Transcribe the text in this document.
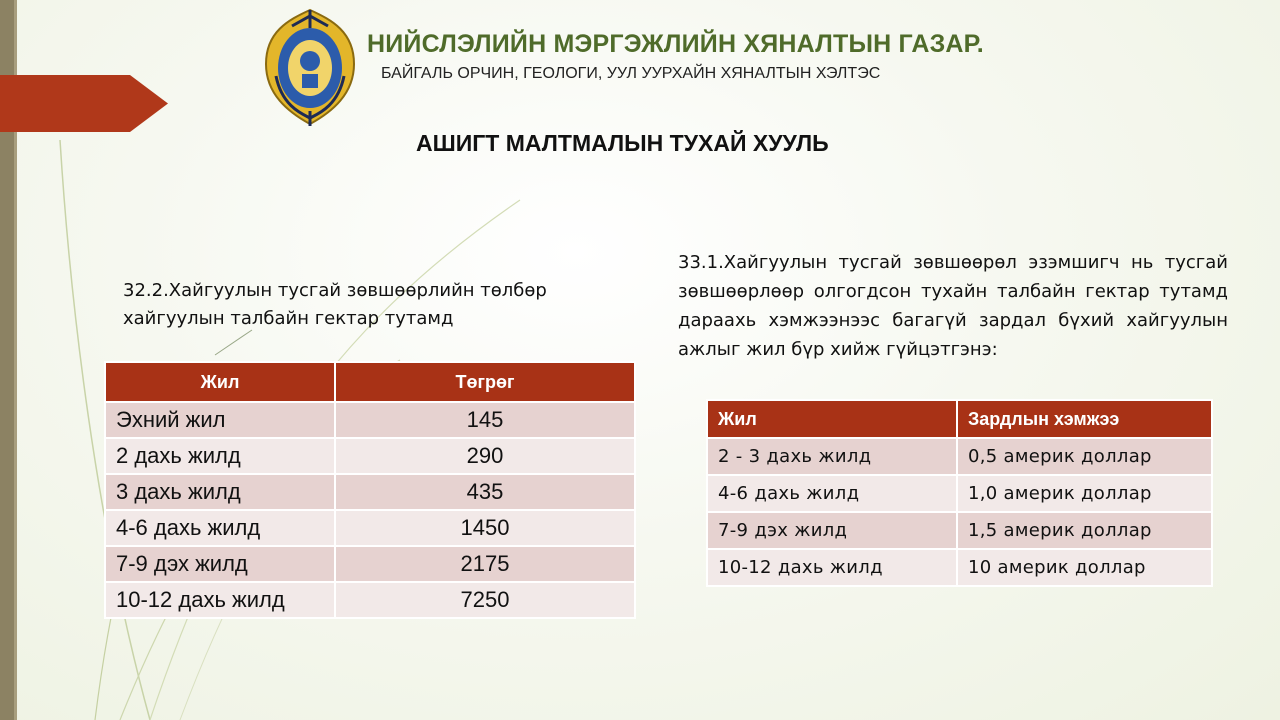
НИЙСЛЭЛИЙН МЭРГЭЖЛИЙН ХЯНАЛТЫН ГАЗАР.
БАЙГАЛЬ ОРЧИН, ГЕОЛОГИ, УУЛ УУРХАЙН ХЯНАЛТЫН ХЭЛТЭС
АШИГТ МАЛТМАЛЫН ТУХАЙ ХУУЛЬ
32.2.Хайгуулын тусгай зөвшөөрлийн төлбөр хайгуулын талбайн гектар тутамд
Жил	Төгрөг
Эхний жил	145
2 дахь жилд	290
3 дахь жилд	435
4-6 дахь жилд	1450
7-9 дэх жилд	2175
10-12 дахь жилд	7250
33.1.Хайгуулын тусгай зөвшөөрөл эзэмшигч нь тусгай зөвшөөрлөөр олгогдсон тухайн талбайн гектар тутамд дараахь хэмжээнээс багагүй зардал бүхий хайгуулын ажлыг жил бүр хийж гүйцэтгэнэ:
Жил	Зардлын хэмжээ
2 - 3 дахь жилд	0,5 америк доллар
4-6 дахь жилд	1,0 америк доллар
7-9 дэх жилд	1,5 америк доллар
10-12 дахь жилд	10 америк доллар
